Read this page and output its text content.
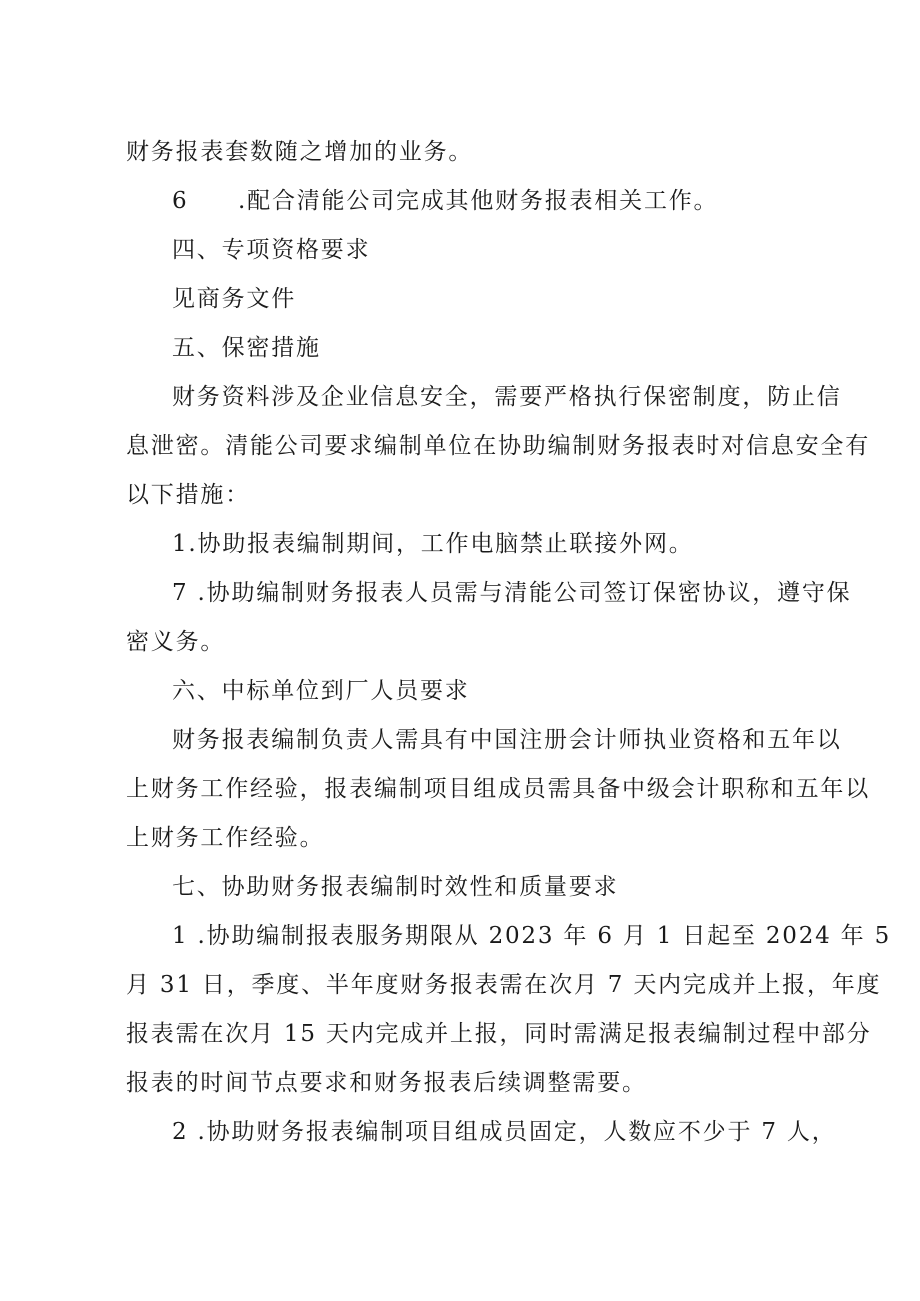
财务报表套数随之增加的业务。
6　　.配合清能公司完成其他财务报表相关工作。
四、专项资格要求
见商务文件
五、保密措施
财务资料涉及企业信息安全，需要严格执行保密制度，防止信
息泄密。清能公司要求编制单位在协助编制财务报表时对信息安全有
以下措施：
1.协助报表编制期间，工作电脑禁止联接外网。
7 .协助编制财务报表人员需与清能公司签订保密协议，遵守保
密义务。
六、中标单位到厂人员要求
财务报表编制负责人需具有中国注册会计师执业资格和五年以
上财务工作经验，报表编制项目组成员需具备中级会计职称和五年以
上财务工作经验。
七、协助财务报表编制时效性和质量要求
1 .协助编制报表服务期限从 2023 年 6 月 1 日起至 2024 年 5
月 31 日，季度、半年度财务报表需在次月 7 天内完成并上报，年度
报表需在次月 15 天内完成并上报，同时需满足报表编制过程中部分
报表的时间节点要求和财务报表后续调整需要。
2 .协助财务报表编制项目组成员固定，人数应不少于 7 人，
